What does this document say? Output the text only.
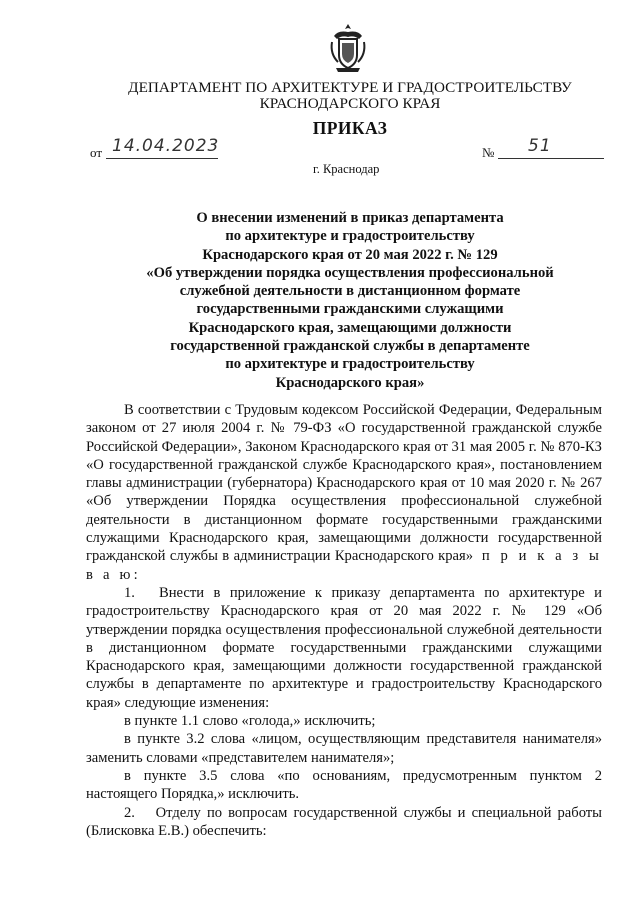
ДЕПАРТАМЕНТ ПО АРХИТЕКТУРЕ И ГРАДОСТРОИТЕЛЬСТВУ
КРАСНОДАРСКОГО КРАЯ
ПРИКАЗ
от 14.04.2023	№ 51
г. Краснодар
О внесении изменений в приказ департамента
по архитектуре и градостроительству
Краснодарского края от 20 мая 2022 г. № 129
«Об утверждении порядка осуществления профессиональной
служебной деятельности в дистанционном формате
государственными гражданскими служащими
Краснодарского края, замещающими должности
государственной гражданской службы в департаменте
по архитектуре и градостроительству
Краснодарского края»

В соответствии с Трудовым кодексом Российской Федерации, Федеральным законом от 27 июля 2004 г. № 79-ФЗ «О государственной гражданской службе Российской Федерации», Законом Краснодарского края от 31 мая 2005 г. № 870-КЗ «О государственной гражданской службе Краснодарского края», постановлением главы администрации (губернатора) Краснодарского края от 10 мая 2020 г. № 267 «Об утверждении Порядка осуществления профессиональной служебной деятельности в дистанционном формате государственными гражданскими служащими Краснодарского края, замещающими должности государственной гражданской службы в администрации Краснодарского края» п р и к а з ы в а ю:

1.  Внести в приложение к приказу департамента по архитектуре и градостроительству Краснодарского края от 20 мая 2022 г. № 129 «Об утверждении порядка осуществления профессиональной служебной деятельности в дистанционном формате государственными гражданскими служащими Краснодарского края, замещающими должности государственной гражданской службы в департаменте по архитектуре и градостроительству Краснодарского края» следующие изменения:

в пункте 1.1 слово «голода,» исключить;

в пункте 3.2 слова «лицом, осуществляющим представителя нанимателя» заменить словами «представителем нанимателя»;

в пункте 3.5 слова «по основаниям, предусмотренным пунктом 2 настоящего Порядка,» исключить.

2.  Отделу по вопросам государственной службы и специальной работы (Блисковка Е.В.) обеспечить:
